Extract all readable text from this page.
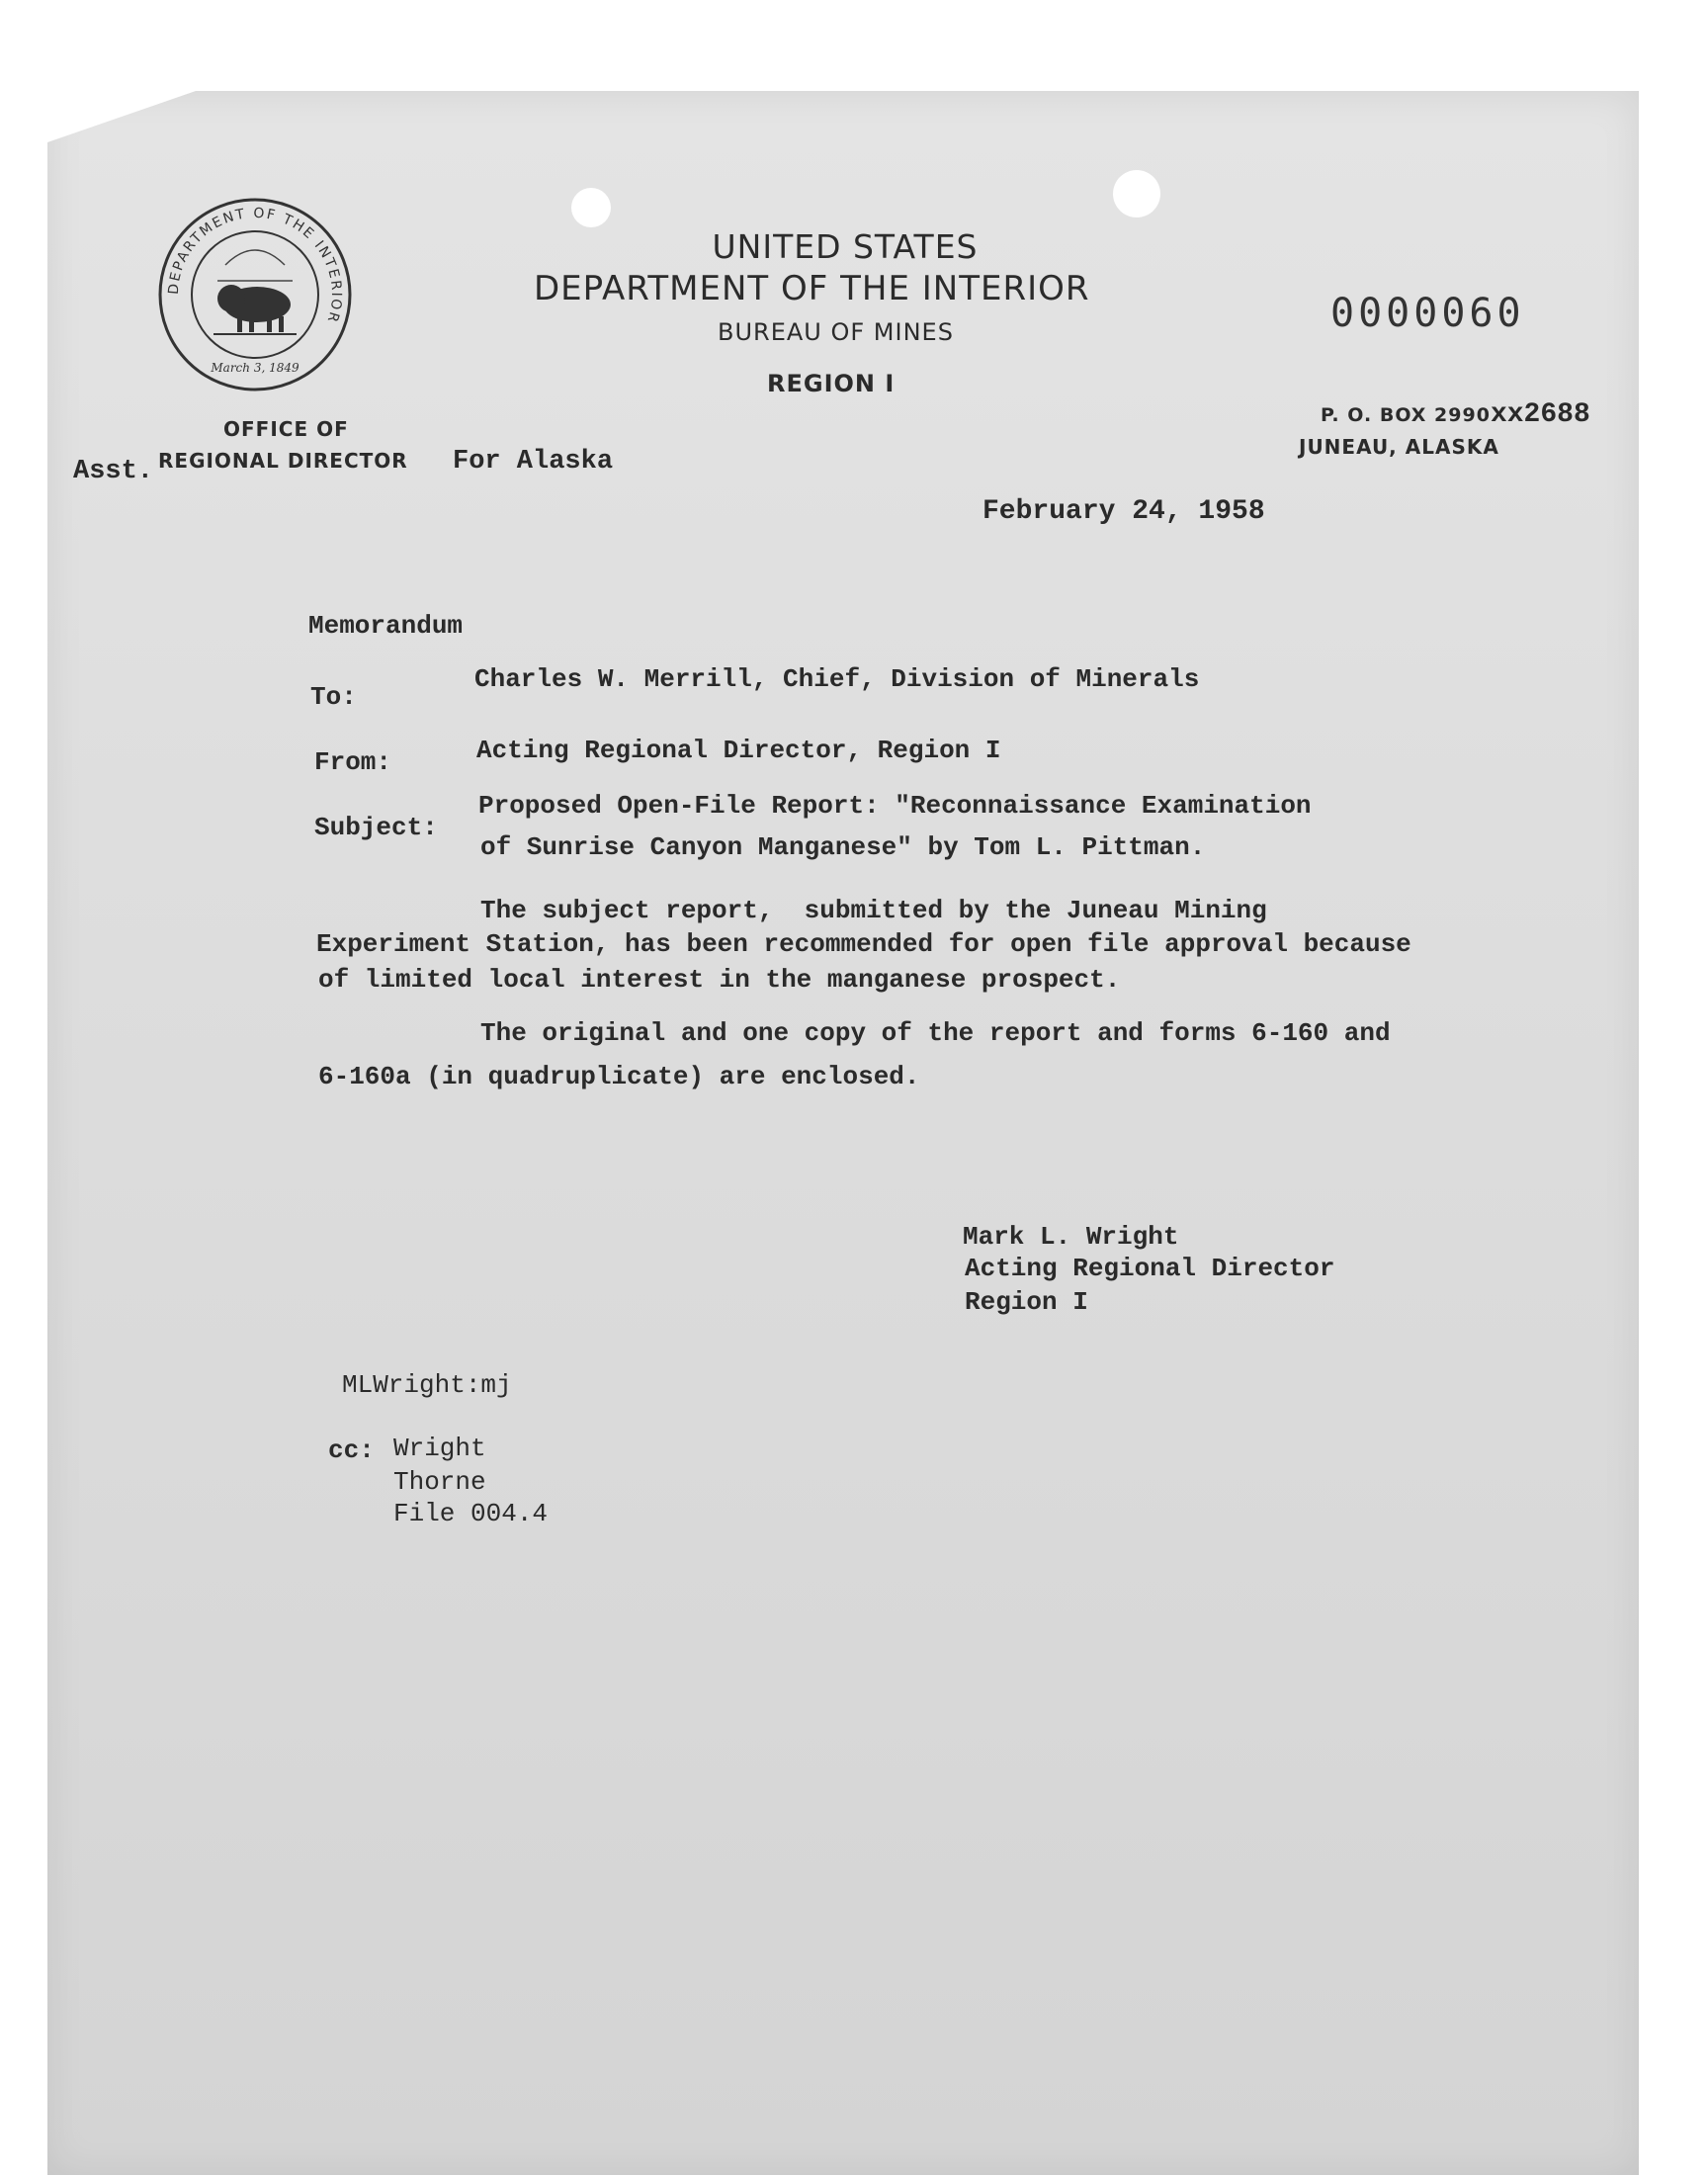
DEPARTMENT OF THE INTERIOR
March 3, 1849
UNITED STATES
DEPARTMENT OF THE INTERIOR
BUREAU OF MINES
REGION I
0000060
OFFICE OF
Asst. REGIONAL DIRECTOR For Alaska
P. O. BOX 2990xx2688
JUNEAU, ALASKA
February 24, 1958
Memorandum
To:
Charles W. Merrill, Chief, Division of Minerals
From:	Acting Regional Director, Region I
Subject:
Proposed Open-File Report: "Reconnaissance Examination
of Sunrise Canyon Manganese" by Tom L. Pittman.
The subject report,  submitted by the Juneau Mining
Experiment Station, has been recommended for open file approval because
of limited local interest in the manganese prospect.
The original and one copy of the report and forms 6-160 and
6-160a (in quadruplicate) are enclosed.
Mark L. Wright
Acting Regional Director
Region I
MLWright:mj
cc: Wright
Thorne
File 004.4
